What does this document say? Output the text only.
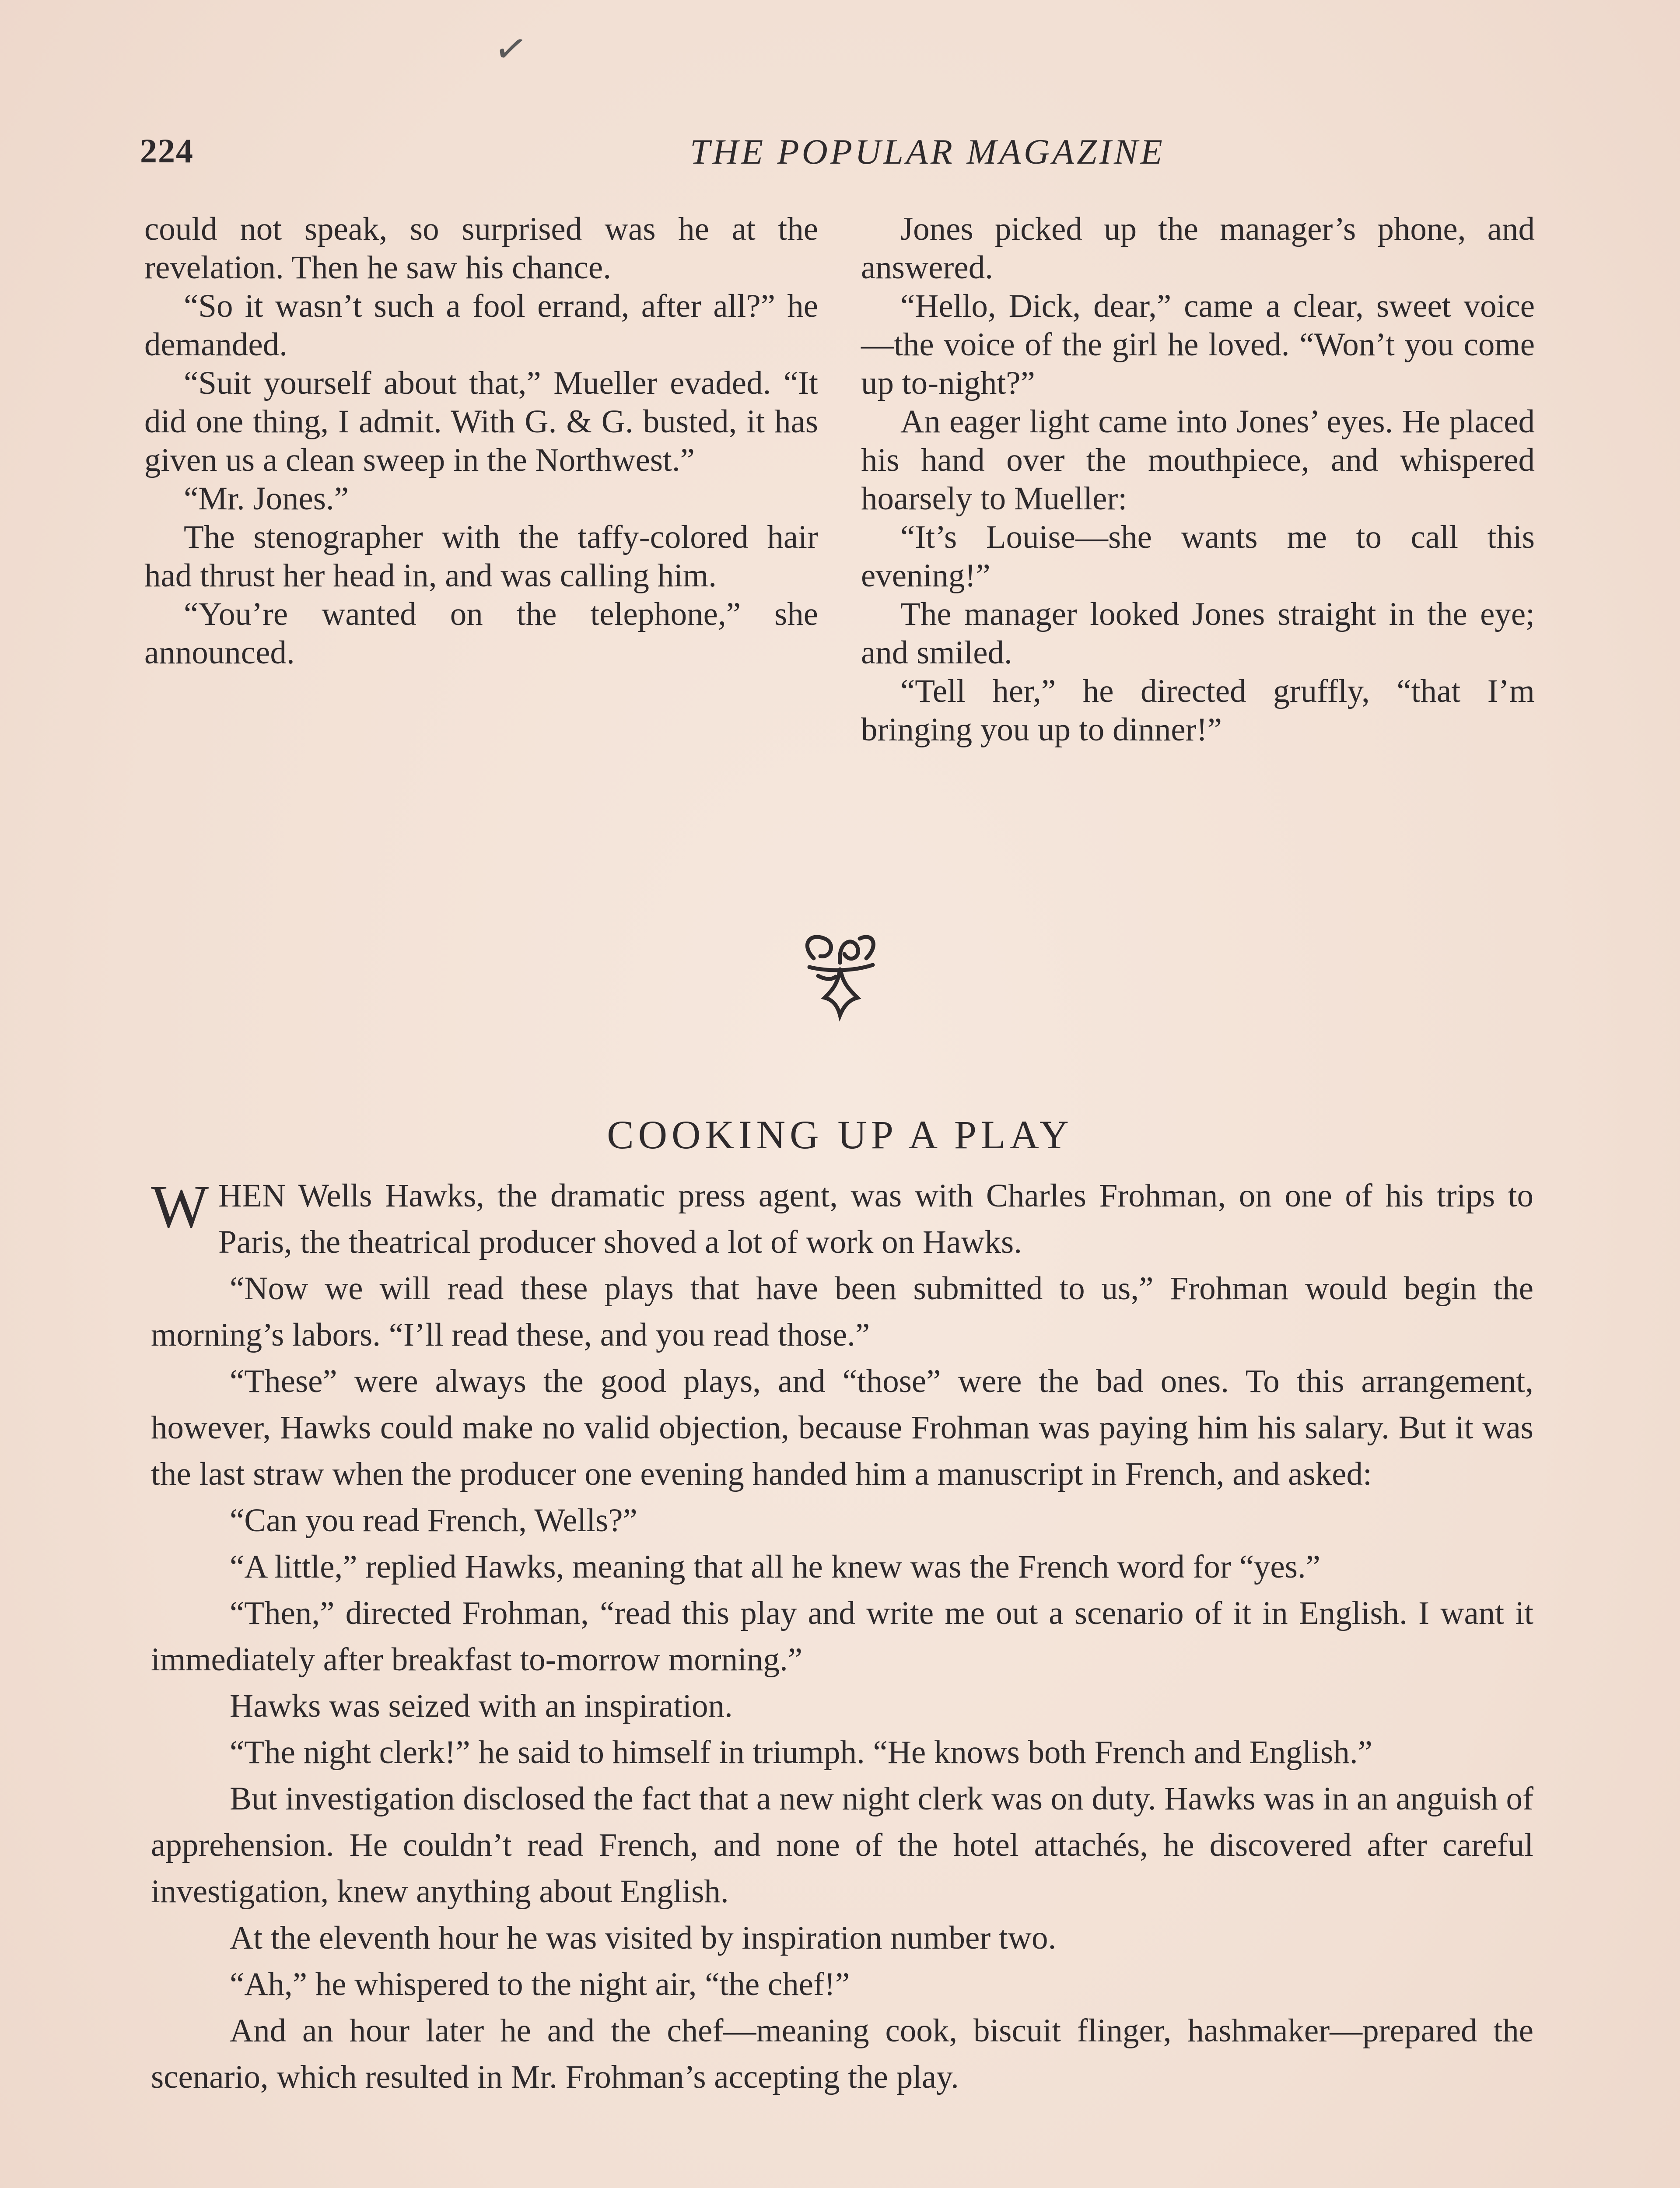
✓
224	THE POPULAR MAGAZINE

could not speak, so surprised was he at the revelation. Then he saw his chance.

“So it wasn’t such a fool errand, after all?” he demanded.

“Suit yourself about that,” Mueller evaded. “It did one thing, I admit. With G. & G. busted, it has given us a clean sweep in the Northwest.”

“Mr. Jones.”

The stenographer with the taffy-colored hair had thrust her head in, and was calling him.

“You’re wanted on the telephone,” she announced.

Jones picked up the manager’s phone, and answered.

“Hello, Dick, dear,” came a clear, sweet voice—the voice of the girl he loved. “Won’t you come up to-night?”

An eager light came into Jones’ eyes. He placed his hand over the mouthpiece, and whispered hoarsely to Mueller:

“It’s Louise—she wants me to call this evening!”

The manager looked Jones straight in the eye; and smiled.

“Tell her,” he directed gruffly, “that I’m bringing you up to dinner!”

COOKING UP A PLAY

WHEN Wells Hawks, the dramatic press agent, was with Charles Frohman, on one of his trips to Paris, the theatrical producer shoved a lot of work on Hawks.

“Now we will read these plays that have been submitted to us,” Frohman would begin the morning’s labors. “I’ll read these, and you read those.”

“These” were always the good plays, and “those” were the bad ones. To this arrangement, however, Hawks could make no valid objection, because Frohman was paying him his salary. But it was the last straw when the producer one evening handed him a manuscript in French, and asked:

“Can you read French, Wells?”

“A little,” replied Hawks, meaning that all he knew was the French word for “yes.”

“Then,” directed Frohman, “read this play and write me out a scenario of it in English. I want it immediately after breakfast to-morrow morning.”

Hawks was seized with an inspiration.

“The night clerk!” he said to himself in triumph. “He knows both French and English.”

But investigation disclosed the fact that a new night clerk was on duty. Hawks was in an anguish of apprehension. He couldn’t read French, and none of the hotel attachés, he discovered after careful investigation, knew anything about English.

At the eleventh hour he was visited by inspiration number two.

“Ah,” he whispered to the night air, “the chef!”

And an hour later he and the chef—meaning cook, biscuit flinger, hashmaker—prepared the scenario, which resulted in Mr. Frohman’s accepting the play.
